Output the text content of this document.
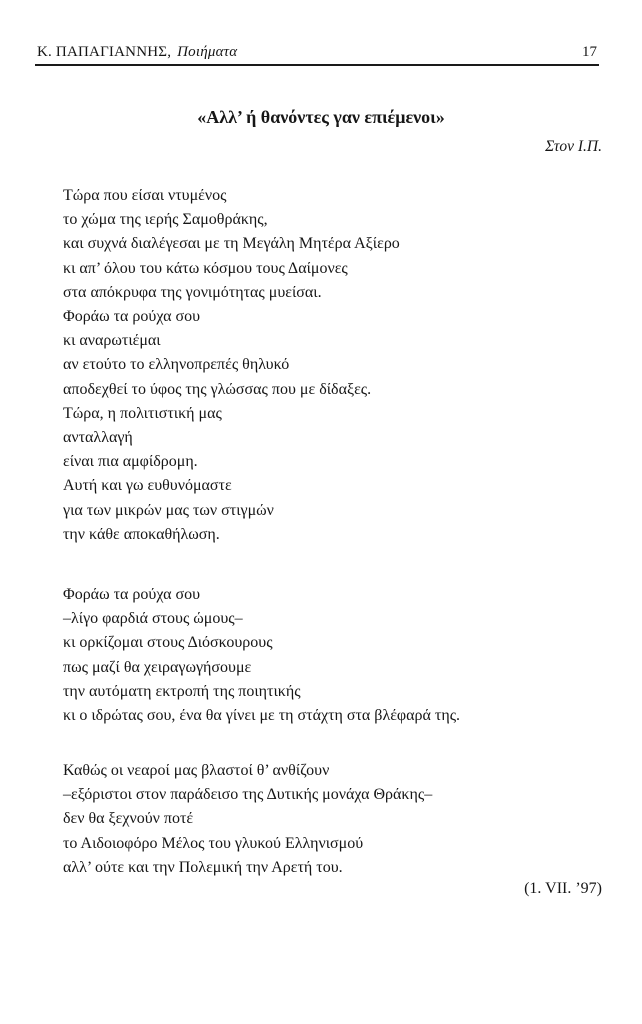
Κ. ΠΑΠΑΓΙΑΝΝΗΣ, Ποιήματα	17
«Αλλ’ ή θανόντες γαν επιέμενοι»
Στον Ι.Π.
Τώρα που είσαι ντυμένος
το χώμα της ιερής Σαμοθράκης,
και συχνά διαλέγεσαι με τη Μεγάλη Μητέρα Αξίερο
κι απ’ όλου του κάτω κόσμου τους Δαίμονες
στα απόκρυφα της γονιμότητας μυείσαι.
Φοράω τα ρούχα σου
κι αναρωτιέμαι
αν ετούτο το ελληνοπρεπές θηλυκό
αποδεχθεί το ύφος της γλώσσας που με δίδαξες.
Τώρα, η πολιτιστική μας
ανταλλαγή
είναι πια αμφίδρομη.
Αυτή και γω ευθυνόμαστε
για των μικρών μας των στιγμών
την κάθε αποκαθήλωση.
Φοράω τα ρούχα σου
–λίγο φαρδιά στους ώμους–
κι ορκίζομαι στους Διόσκουρους
πως μαζί θα χειραγωγήσουμε
την αυτόματη εκτροπή της ποιητικής
κι ο ιδρώτας σου, ένα θα γίνει με τη στάχτη στα βλέφαρά της.
Καθώς οι νεαροί μας βλαστοί θ’ ανθίζουν
–εξόριστοι στον παράδεισο της Δυτικής μονάχα Θράκης–
δεν θα ξεχνούν ποτέ
το Αιδοιοφόρο Μέλος του γλυκού Ελληνισμού
αλλ’ ούτε και την Πολεμική την Αρετή του.
(1. VII. ’97)
